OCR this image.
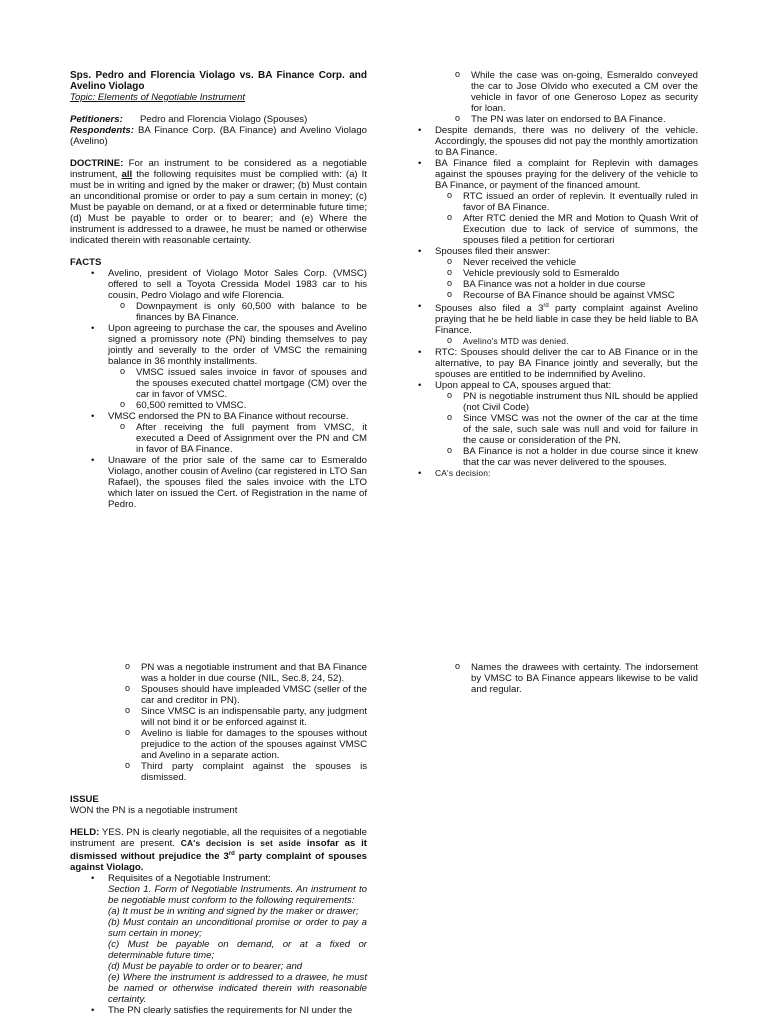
Sps. Pedro and Florencia Violago vs. BA Finance Corp. and Avelino Violago

Topic: Elements of Negotiable Instrument

Petitioners:	Pedro and Florencia Violago (Spouses)

Respondents: BA Finance Corp. (BA Finance) and Avelino Violago (Avelino)

DOCTRINE: For an instrument to be considered as a negotiable instrument, all the following requisites must be complied with: (a) It must be in writing and igned by the maker or drawer; (b) Must contain an unconditional promise or order to pay a sum certain in money; (c) Must be payable on demand, or at a fixed or determinable future time; (d) Must be payable to order or to bearer; and (e) Where the instrument is addressed to a drawee, he must be named or otherwise indicated therein with reasonable certainty.

FACTS

• Avelino, president of Violago Motor Sales Corp. (VMSC) offered to sell a Toyota Cressida Model 1983 car to his cousin, Pedro Violago and wife Florencia.
o Downpayment is only 60,500 with balance to be finances by BA Finance.
• Upon agreeing to purchase the car, the spouses and Avelino signed a promissory note (PN) binding themselves to pay jointly and severally to the order of VMSC the remaining balance in 36 monthly installments.
o VMSC issued sales invoice in favor of spouses and the spouses executed chattel mortgage (CM) over the car in favor of VMSC.
o 60,500 remitted to VMSC.
• VMSC endorsed the PN to BA Finance without recourse.
o After receiving the full payment from VMSC, it executed a Deed of Assignment over the PN and CM in favor of BA Finance.
• Unaware of the prior sale of the same car to Esmeraldo Violago, another cousin of Avelino (car registered in LTO San Rafael), the spouses filed the sales invoice with the LTO which later on issued the Cert. of Registration in the name of Pedro.
o While the case was on-going, Esmeraldo conveyed the car to Jose Olvido who executed a CM over the vehicle in favor of one Generoso Lopez as security for loan.
o The PN was later on endorsed to BA Finance.
• Despite demands, there was no delivery of the vehicle. Accordingly, the spouses did not pay the monthly amortization to BA Finance.
• BA Finance filed a complaint for Replevin with damages against the spouses praying for the delivery of the vehicle to BA Finance, or payment of the financed amount.
o RTC issued an order of replevin. It eventually ruled in favor of BA Finance.
o After RTC denied the MR and Motion to Quash Writ of Execution due to lack of service of summons, the spouses filed a petition for certiorari
• Spouses filed their answer:
o Never received the vehicle
o Vehicle previously sold to Esmeraldo
o BA Finance was not a holder in due course
o Recourse of BA Finance should be against VMSC
• Spouses also filed a 3rd party complaint against Avelino praying that he be held liable in case they be held liable to BA Finance.
o Avelino's MTD was denied.
• RTC: Spouses should deliver the car to AB Finance or in the alternative, to pay BA Finance jointly and severally, but the spouses are entitled to be indemnified by Avelino.
• Upon appeal to CA, spouses argued that:
o PN is negotiable instrument thus NIL should be applied (not Civil Code)
o Since VMSC was not the owner of the car at the time of the sale, such sale was null and void for failure in the cause or consideration of the PN.
o BA Finance is not a holder in due course since it knew that the car was never delivered to the spouses.
• CA's decision:
o PN was a negotiable instrument and that BA Finance was a holder in due course (NIL, Sec.8, 24, 52).
o Spouses should have impleaded VMSC (seller of the car and creditor in PN).
o Since VMSC is an indispensable party, any judgment will not bind it or be enforced against it.
o Avelino is liable for damages to the spouses without prejudice to the action of the spouses against VMSC and Avelino in a separate action.
o Third party complaint against the spouses is dismissed.

ISSUE

WON the PN is a negotiable instrument

HELD: YES. PN is clearly negotiable, all the requisites of a negotiable instrument are present. CA's decision is set aside insofar as it dismissed without prejudice the 3rd party complaint of spouses against Violago.

• Requisites of a Negotiable Instrument:

Section 1. Form of Negotiable Instruments. An instrument to be negotiable must conform to the following requirements:

(a) It must be in writing and signed by the maker or drawer;

(b) Must contain an unconditional promise or order to pay a sum certain in money;

(c) Must be payable on demand, or at a fixed or determinable future time;

(d) Must be payable to order or to bearer; and

(e) Where the instrument is addressed to a drawee, he must be named or otherwise indicated therein with reasonable certainty.

• The PN clearly satisfies the requirements for NI under the
o Names the drawees with certainty. The indorsement by VMSC to BA Finance appears likewise to be valid and regular.
